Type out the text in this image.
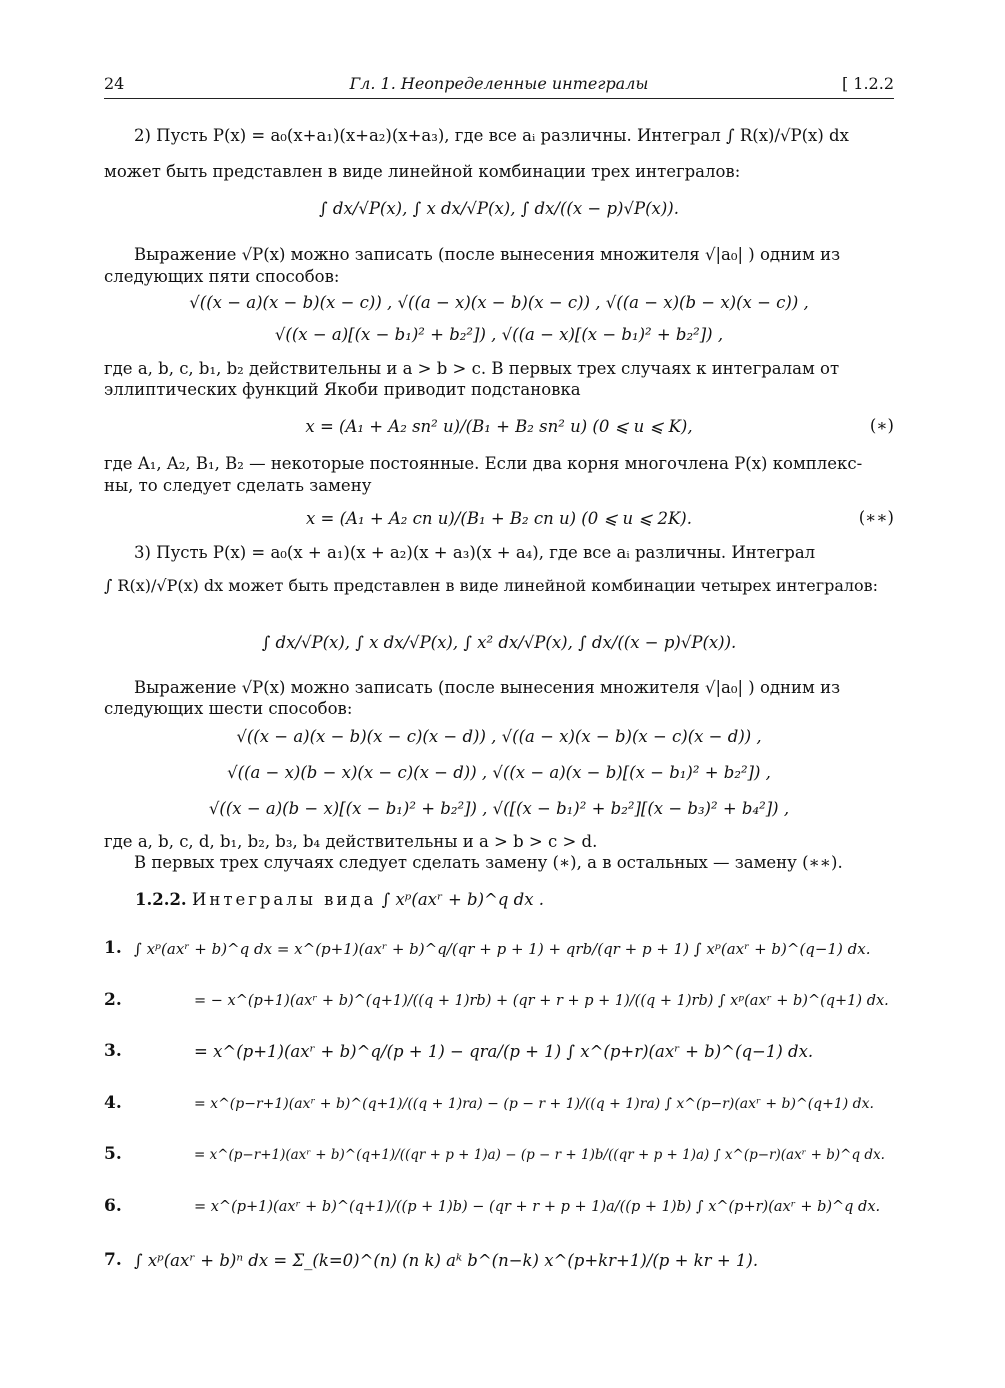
24	Гл. 1. Неопределенные интегралы	[ 1.2.2
2) Пусть P(x) = a₀(x+a₁)(x+a₂)(x+a₃), где все aᵢ различны. Интеграл ∫ R(x)/√P(x) dx
может быть представлен в виде линейной комбинации трех интегралов:
∫ dx/√P(x), ∫ x dx/√P(x), ∫ dx/((x − p)√P(x)).
Выражение √P(x) можно записать (после вынесения множителя √|a₀| ) одним из
следующих пяти способов:
√((x − a)(x − b)(x − c)) , √((a − x)(x − b)(x − c)) , √((a − x)(b − x)(x − c)) ,
√((x − a)[(x − b₁)² + b₂²]) , √((a − x)[(x − b₁)² + b₂²]) ,
где a, b, c, b₁, b₂ действительны и a > b > c. В первых трех случаях к интегралам от
эллиптических функций Якоби приводит подстановка
x = (A₁ + A₂ sn² u)/(B₁ + B₂ sn² u) (0 ⩽ u ⩽ K),	(∗)
где A₁, A₂, B₁, B₂ — некоторые постоянные. Если два корня многочлена P(x) комплекс-
ны, то следует сделать замену
x = (A₁ + A₂ cn u)/(B₁ + B₂ cn u) (0 ⩽ u ⩽ 2K).	(∗∗)
3) Пусть P(x) = a₀(x + a₁)(x + a₂)(x + a₃)(x + a₄), где все aᵢ различны. Интеграл
∫ R(x)/√P(x) dx может быть представлен в виде линейной комбинации четырех интегралов:
∫ dx/√P(x), ∫ x dx/√P(x), ∫ x² dx/√P(x), ∫ dx/((x − p)√P(x)).
Выражение √P(x) можно записать (после вынесения множителя √|a₀| ) одним из
следующих шести способов:
√((x − a)(x − b)(x − c)(x − d)) , √((a − x)(x − b)(x − c)(x − d)) ,
√((a − x)(b − x)(x − c)(x − d)) , √((x − a)(x − b)[(x − b₁)² + b₂²]) ,
√((x − a)(b − x)[(x − b₁)² + b₂²]) , √([(x − b₁)² + b₂²][(x − b₃)² + b₄²]) ,
где a, b, c, d, b₁, b₂, b₃, b₄ действительны и a > b > c > d.
В первых трех случаях следует сделать замену (∗), а в остальных — замену (∗∗).
1.2.2. Интегралы вида ∫ xᵖ(axʳ + b)^q dx .
1. ∫ xᵖ(axʳ + b)^q dx = x^(p+1)(axʳ + b)^q/(qr + p + 1) + qrb/(qr + p + 1) ∫ xᵖ(axʳ + b)^(q−1) dx.
2.	= − x^(p+1)(axʳ + b)^(q+1)/((q + 1)rb) + (qr + r + p + 1)/((q + 1)rb) ∫ xᵖ(axʳ + b)^(q+1) dx.
3.	= x^(p+1)(axʳ + b)^q/(p + 1) − qra/(p + 1) ∫ x^(p+r)(axʳ + b)^(q−1) dx.
4.	= x^(p−r+1)(axʳ + b)^(q+1)/((q + 1)ra) − (p − r + 1)/((q + 1)ra) ∫ x^(p−r)(axʳ + b)^(q+1) dx.
5.	= x^(p−r+1)(axʳ + b)^(q+1)/((qr + p + 1)a) − (p − r + 1)b/((qr + p + 1)a) ∫ x^(p−r)(axʳ + b)^q dx.
6.	= x^(p+1)(axʳ + b)^(q+1)/((p + 1)b) − (qr + r + p + 1)a/((p + 1)b) ∫ x^(p+r)(axʳ + b)^q dx.
7. ∫ xᵖ(axʳ + b)ⁿ dx = Σ_(k=0)^(n) (n k) aᵏ b^(n−k) x^(p+kr+1)/(p + kr + 1).
